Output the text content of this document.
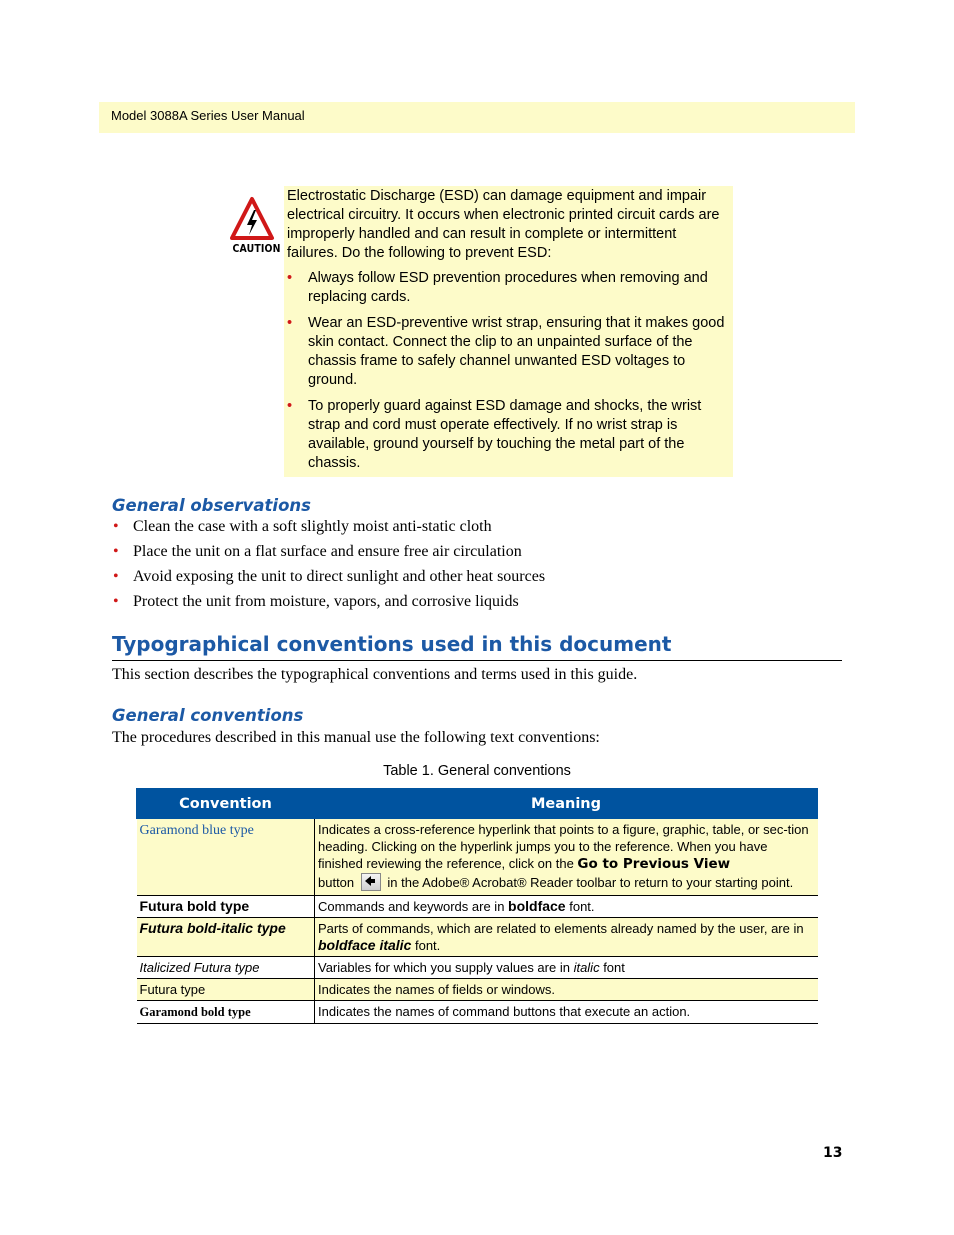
Model 3088A Series User Manual
CAUTION
Electrostatic Discharge (ESD) can damage equipment and impair electrical circuitry. It occurs when electronic printed circuit cards are improperly handled and can result in complete or intermittent failures. Do the following to prevent ESD:
• Always follow ESD prevention procedures when removing and replacing cards.
• Wear an ESD-preventive wrist strap, ensuring that it makes good skin contact. Connect the clip to an unpainted surface of the chassis frame to safely channel unwanted ESD voltages to ground.
• To properly guard against ESD damage and shocks, the wrist strap and cord must operate effectively. If no wrist strap is available, ground yourself by touching the metal part of the chassis.
General observations
• Clean the case with a soft slightly moist anti-static cloth
• Place the unit on a flat surface and ensure free air circulation
• Avoid exposing the unit to direct sunlight and other heat sources
• Protect the unit from moisture, vapors, and corrosive liquids
Typographical conventions used in this document
This section describes the typographical conventions and terms used in this guide.
General conventions
The procedures described in this manual use the following text conventions:
Table 1. General conventions
Convention	Meaning
Garamond blue type	Indicates a cross-reference hyperlink that points to a figure, graphic, table, or sec-tion heading. Clicking on the hyperlink jumps you to the reference. When you have finished reviewing the reference, click on the Go to Previous View
button in the Adobe® Acrobat® Reader toolbar to return to your starting point.
Futura bold type	Commands and keywords are in boldface font.
Futura bold-italic type	Parts of commands, which are related to elements already named by the user, are in boldface italic font.
Italicized Futura type	Variables for which you supply values are in italic font
Futura type	Indicates the names of fields or windows.
Garamond bold type	Indicates the names of command buttons that execute an action.
13
